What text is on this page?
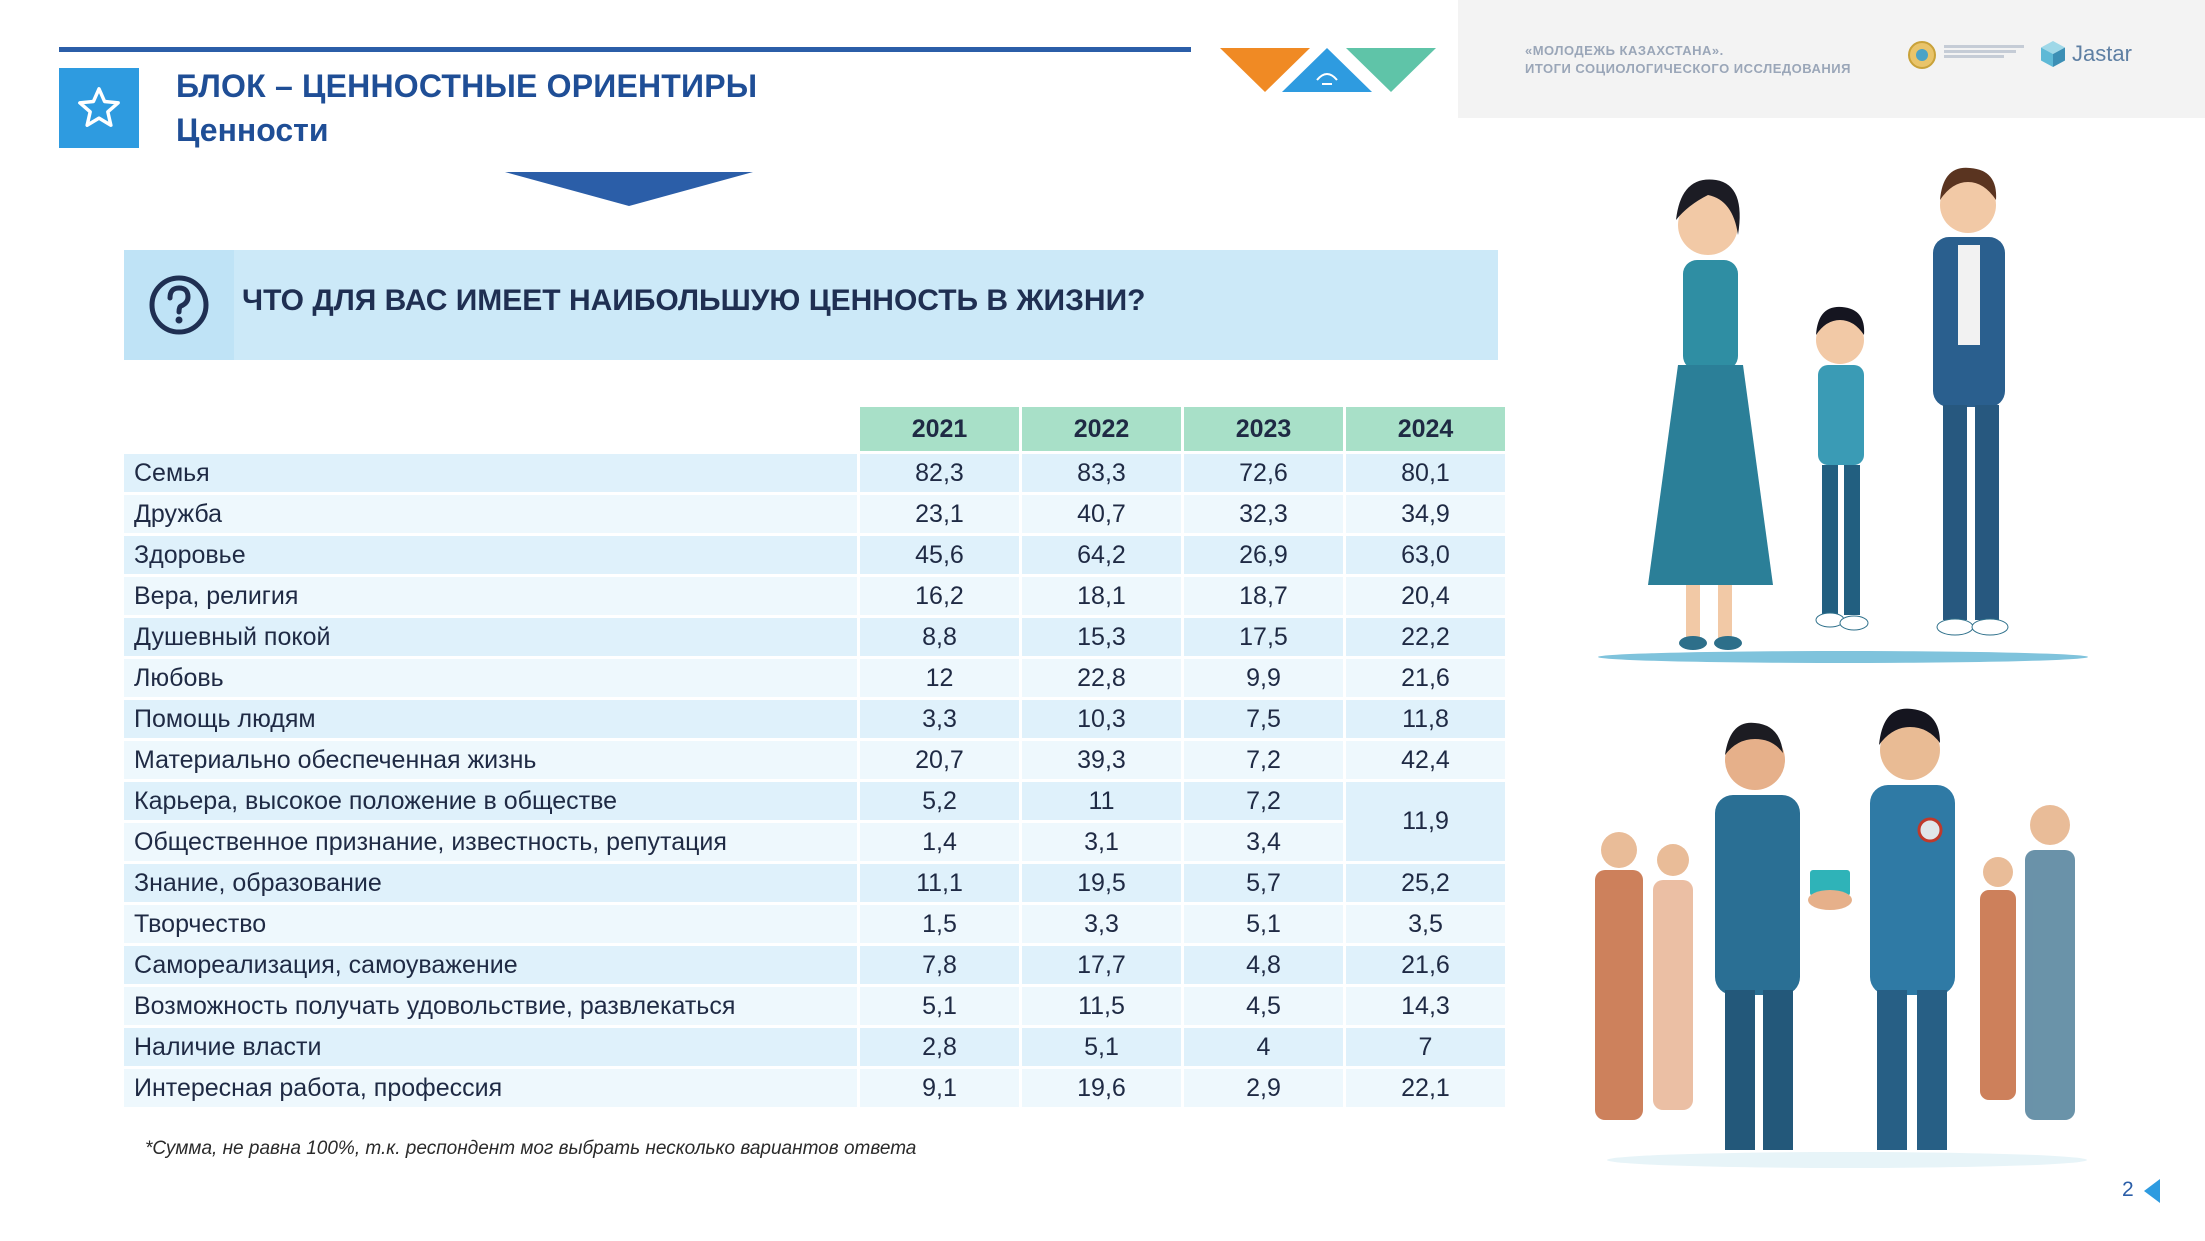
БЛОК – ЦЕННОСТНЫЕ ОРИЕНТИРЫ
Ценности
«МОЛОДЕЖЬ КАЗАХСТАНА».
ИТОГИ СОЦИОЛОГИЧЕСКОГО ИССЛЕДОВАНИЯ
Jastar
ЧТО ДЛЯ ВАС ИМЕЕТ НАИБОЛЬШУЮ ЦЕННОСТЬ В ЖИЗНИ?
	2021	2022	2023	2024
Семья	82,3	83,3	72,6	80,1
Дружба	23,1	40,7	32,3	34,9
Здоровье	45,6	64,2	26,9	63,0
Вера, религия	16,2	18,1	18,7	20,4
Душевный покой	8,8	15,3	17,5	22,2
Любовь	12	22,8	9,9	21,6
Помощь людям	3,3	10,3	7,5	11,8
Материально обеспеченная жизнь	20,7	39,3	7,2	42,4
Карьера, высокое положение в обществе	5,2	11	7,2	11,9
Общественное признание, известность, репутация	1,4	3,1	3,4	
Знание, образование	11,1	19,5	5,7	25,2
Творчество	1,5	3,3	5,1	3,5
Самореализация, самоуважение	7,8	17,7	4,8	21,6
Возможность получать удовольствие, развлекаться	5,1	11,5	4,5	14,3
Наличие власти	2,8	5,1	4	7
Интересная работа, профессия	9,1	19,6	2,9	22,1
*Сумма, не равна 100%, т.к. респондент мог выбрать несколько вариантов ответа
2
